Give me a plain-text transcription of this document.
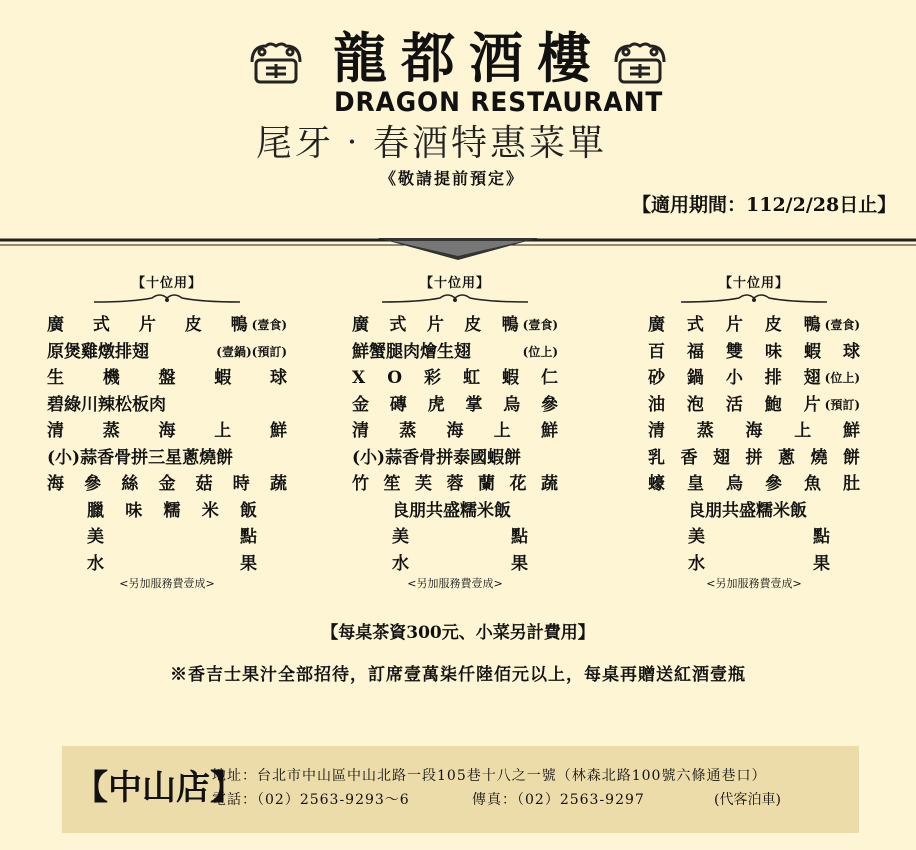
龍都酒樓
DRAGON RESTAURANT
尾牙‧春酒特惠菜單
《敬請提前預定》
【適用期間：112/2/28日止】
【十位用】
廣 式 片 皮 鴨 (壹食)
原煲雞燉排翅	(壹鍋)(預訂)
生 機 盤 蝦 球
碧綠川辣松板肉
清 蒸 海 上 鮮
(小)蒜香骨拼三星蔥燒餅
海 參 絲 金 菇 時 蔬
臘 味 糯 米 飯
美	點
水	果
<另加服務費壹成>
【十位用】
廣 式 片 皮 鴨 (壹食)
鮮蟹腿肉燴生翅	(位上)
X O 彩 虹 蝦 仁
金 磚 虎 掌 烏 參
清 蒸 海 上 鮮
(小)蒜香骨拼泰國蝦餅
竹 笙 芙 蓉 蘭 花 蔬
良朋共盛糯米飯
美	點
水	果
<另加服務費壹成>
【十位用】
廣 式 片 皮 鴨 (壹食)
百 福 雙 味 蝦 球
砂 鍋 小 排 翅 (位上)
油 泡 活 鮑 片 (預訂)
清 蒸 海 上 鮮
乳 香 翅 拼 蔥 燒 餅
蠔 皇 烏 參 魚 肚
良朋共盛糯米飯
美	點
水	果
<另加服務費壹成>
【每桌茶資300元、小菜另計費用】
※香吉士果汁全部招待，訂席壹萬柒仟陸佰元以上，每桌再贈送紅酒壹瓶
【中山店】
地址：台北市中山區中山北路一段105巷十八之一號（林森北路100號六條通巷口）
電話：（02）2563-9293～6	傳真：（02）2563-9297	(代客泊車)
